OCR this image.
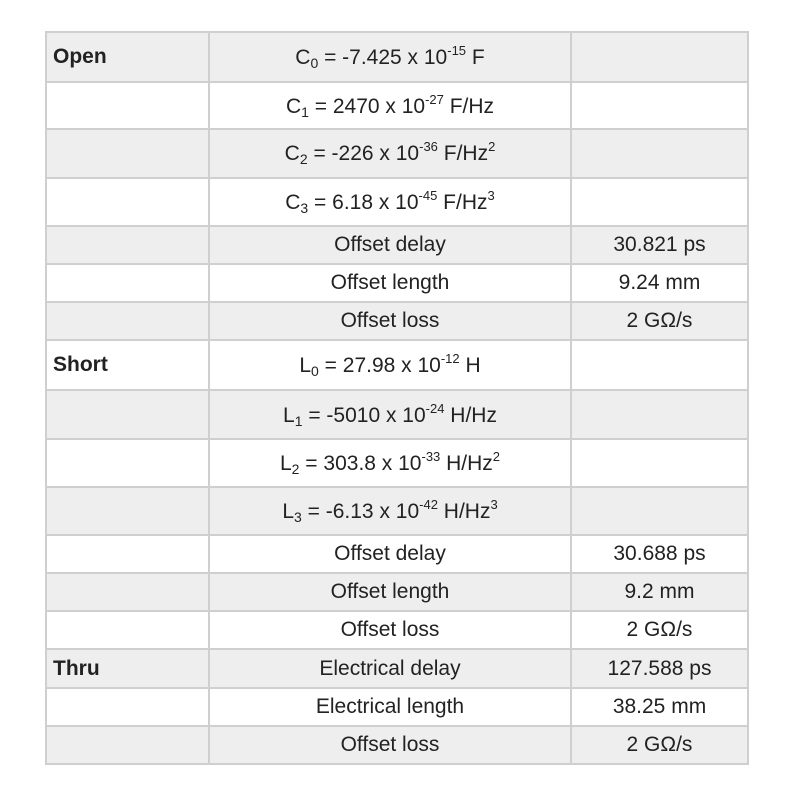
Open	$C_0 = -7.425$ x $10^{-15}$ F	
	$C_1 = 2470$ x $10^{-27}$ F/Hz	
	$C_2 = -226$ x $10^{-36}$ F/Hz$^2$	
	$C_3 = 6.18$ x $10^{-45}$ F/Hz$^3$	
	Offset delay	30.821 ps
	Offset length	9.24 mm
	Offset loss	2 GΩ/s
Short	$L_0 = 27.98$ x $10^{-12}$ H	
	$L_1 = -5010$ x $10^{-24}$ H/Hz	
	$L_2 = 303.8$ x $10^{-33}$ H/Hz$^2$	
	$L_3 = -6.13$ x $10^{-42}$ H/Hz$^3$	
	Offset delay	30.688 ps
	Offset length	9.2 mm
	Offset loss	2 GΩ/s
Thru	Electrical delay	127.588 ps
	Electrical length	38.25 mm
	Offset loss	2 GΩ/s
